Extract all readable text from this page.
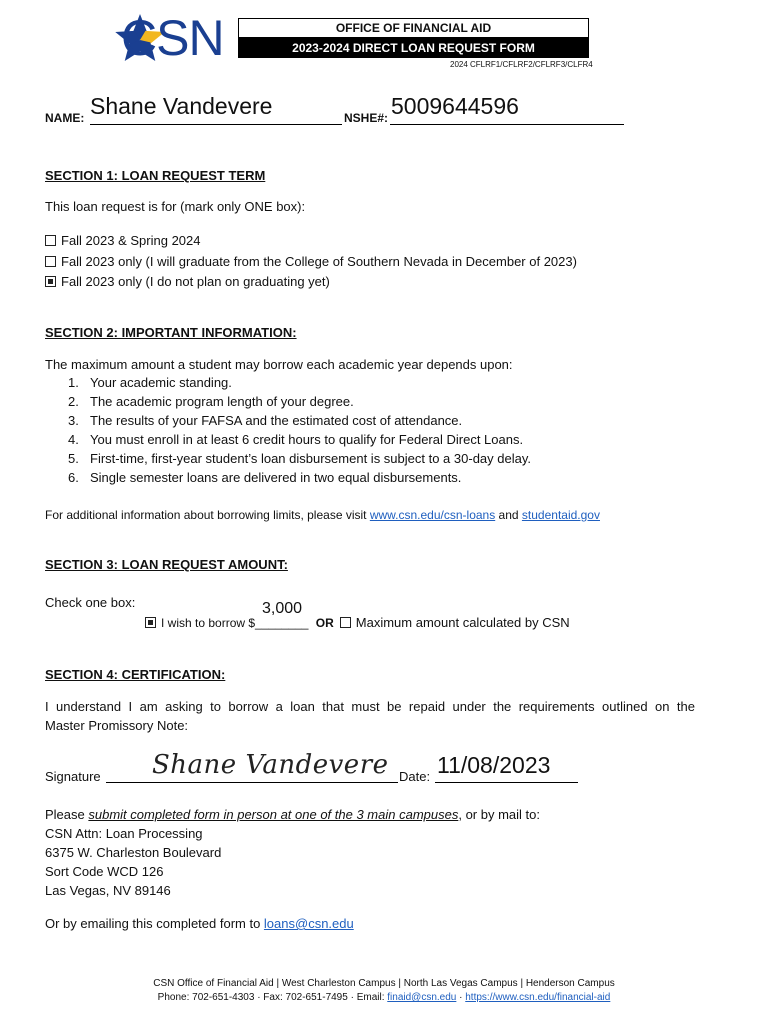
CSN	OFFICE OF FINANCIAL AID
2023-2024 DIRECT LOAN REQUEST FORM
2024 CFLRF1/CFLRF2/CFLRF3/CLFR4
NAME: Shane Vandevere	NSHE#: 5009644596
SECTION 1: LOAN REQUEST TERM
This loan request is for (mark only ONE box):
Fall 2023 & Spring 2024
Fall 2023 only (I will graduate from the College of Southern Nevada in December of 2023)
Fall 2023 only (I do not plan on graduating yet)
SECTION 2: IMPORTANT INFORMATION:
The maximum amount a student may borrow each academic year depends upon:
1. Your academic standing.
2. The academic program length of your degree.
3. The results of your FAFSA and the estimated cost of attendance.
4. You must enroll in at least 6 credit hours to qualify for Federal Direct Loans.
5. First-time, first-year student’s loan disbursement is subject to a 30-day delay.
6. Single semester loans are delivered in two equal disbursements.
For additional information about borrowing limits, please visit www.csn.edu/csn-loans and studentaid.gov
SECTION 3: LOAN REQUEST AMOUNT:
Check one box:	3,000
I wish to borrow $________ OR Maximum amount calculated by CSN
SECTION 4: CERTIFICATION:
I understand I am asking to borrow a loan that must be repaid under the requirements outlined on the
Master Promissory Note:
Signature Shane Vandevere Date: 11/08/2023
Please submit completed form in person at one of the 3 main campuses, or by mail to:
CSN Attn: Loan Processing
6375 W. Charleston Boulevard
Sort Code WCD 126
Las Vegas, NV 89146
Or by emailing this completed form to loans@csn.edu
CSN Office of Financial Aid | West Charleston Campus | North Las Vegas Campus | Henderson Campus
Phone: 702-651-4303 · Fax: 702-651-7495 · Email: finaid@csn.edu · https://www.csn.edu/financial-aid
